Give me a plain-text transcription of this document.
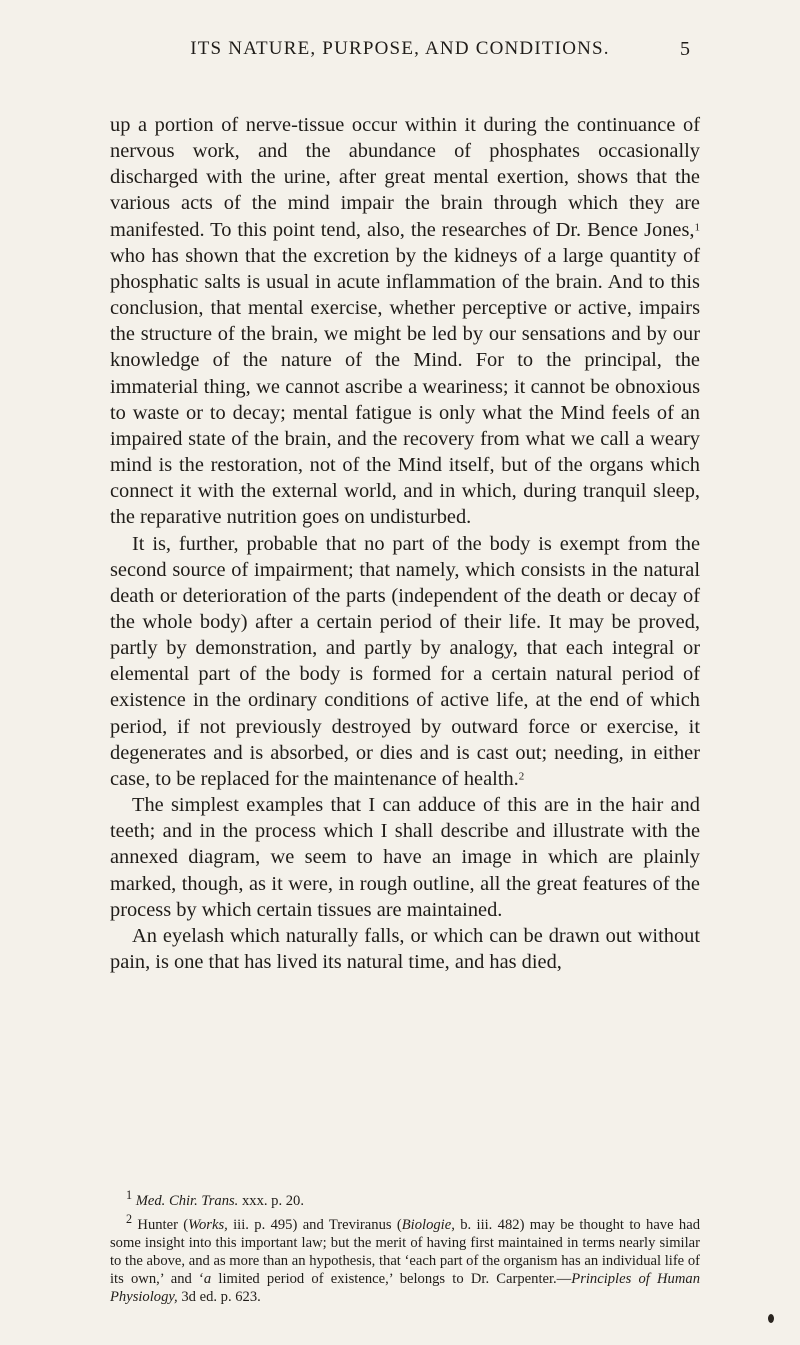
ITS NATURE, PURPOSE, AND CONDITIONS.	5

up a portion of nerve-tissue occur within it during the continuance of nervous work, and the abundance of phosphates occasionally discharged with the urine, after great mental exertion, shows that the various acts of the mind impair the brain through which they are manifested. To this point tend, also, the researches of Dr. Bence Jones,$^1$ who has shown that the excretion by the kidneys of a large quantity of phosphatic salts is usual in acute inflammation of the brain. And to this conclusion, that mental exercise, whether perceptive or active, impairs the structure of the brain, we might be led by our sensations and by our knowledge of the nature of the Mind. For to the principal, the immaterial thing, we cannot ascribe a weariness; it cannot be obnoxious to waste or to decay; mental fatigue is only what the Mind feels of an impaired state of the brain, and the recovery from what we call a weary mind is the restoration, not of the Mind itself, but of the organs which connect it with the external world, and in which, during tranquil sleep, the reparative nutrition goes on undisturbed.

It is, further, probable that no part of the body is exempt from the second source of impairment; that namely, which consists in the natural death or deterioration of the parts (independent of the death or decay of the whole body) after a certain period of their life. It may be proved, partly by demonstration, and partly by analogy, that each integral or elemental part of the body is formed for a certain natural period of existence in the ordinary conditions of active life, at the end of which period, if not previously destroyed by outward force or exercise, it degenerates and is absorbed, or dies and is cast out; needing, in either case, to be replaced for the maintenance of health.$^2$

The simplest examples that I can adduce of this are in the hair and teeth; and in the process which I shall describe and illustrate with the annexed diagram, we seem to have an image in which are plainly marked, though, as it were, in rough outline, all the great features of the process by which certain tissues are maintained.

An eyelash which naturally falls, or which can be drawn out without pain, is one that has lived its natural time, and has died,

$^1$ Med. Chir. Trans. xxx. p. 20.

$^2$ Hunter (Works, iii. p. 495) and Treviranus (Biologie, b. iii. 482) may be thought to have had some insight into this important law; but the merit of having first maintained in terms nearly similar to the above, and as more than an hypothesis, that ‘each part of the organism has an individual life of its own,’ and ‘a limited period of existence,’ belongs to Dr. Carpenter.—Principles of Human Physiology, 3d ed. p. 623.
